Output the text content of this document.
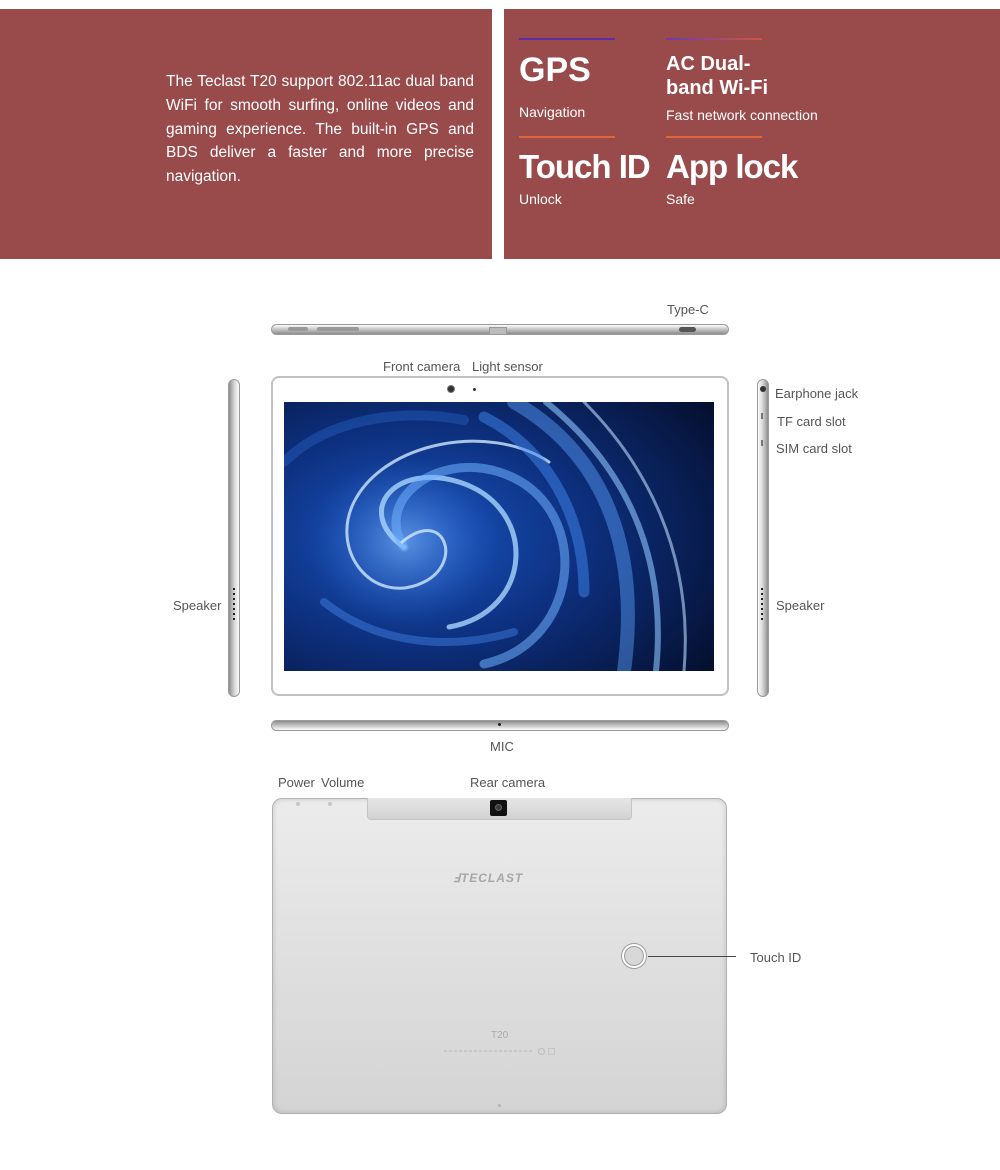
The Teclast T20 support 802.11ac dual band WiFi for smooth surfing, online videos and gaming experience. The built-in GPS and BDS deliver a faster and more precise navigation.
GPS
Navigation
AC Dual-
band Wi-Fi
Fast network connection
Touch ID
Unlock
App lock
Safe
Type-C
Front camera Light sensor
Speaker
Earphone jack
TF card slot
SIM card slot
Speaker
MIC
Power Volume	Rear camera
ℲTECLAST
Touch ID
T20
